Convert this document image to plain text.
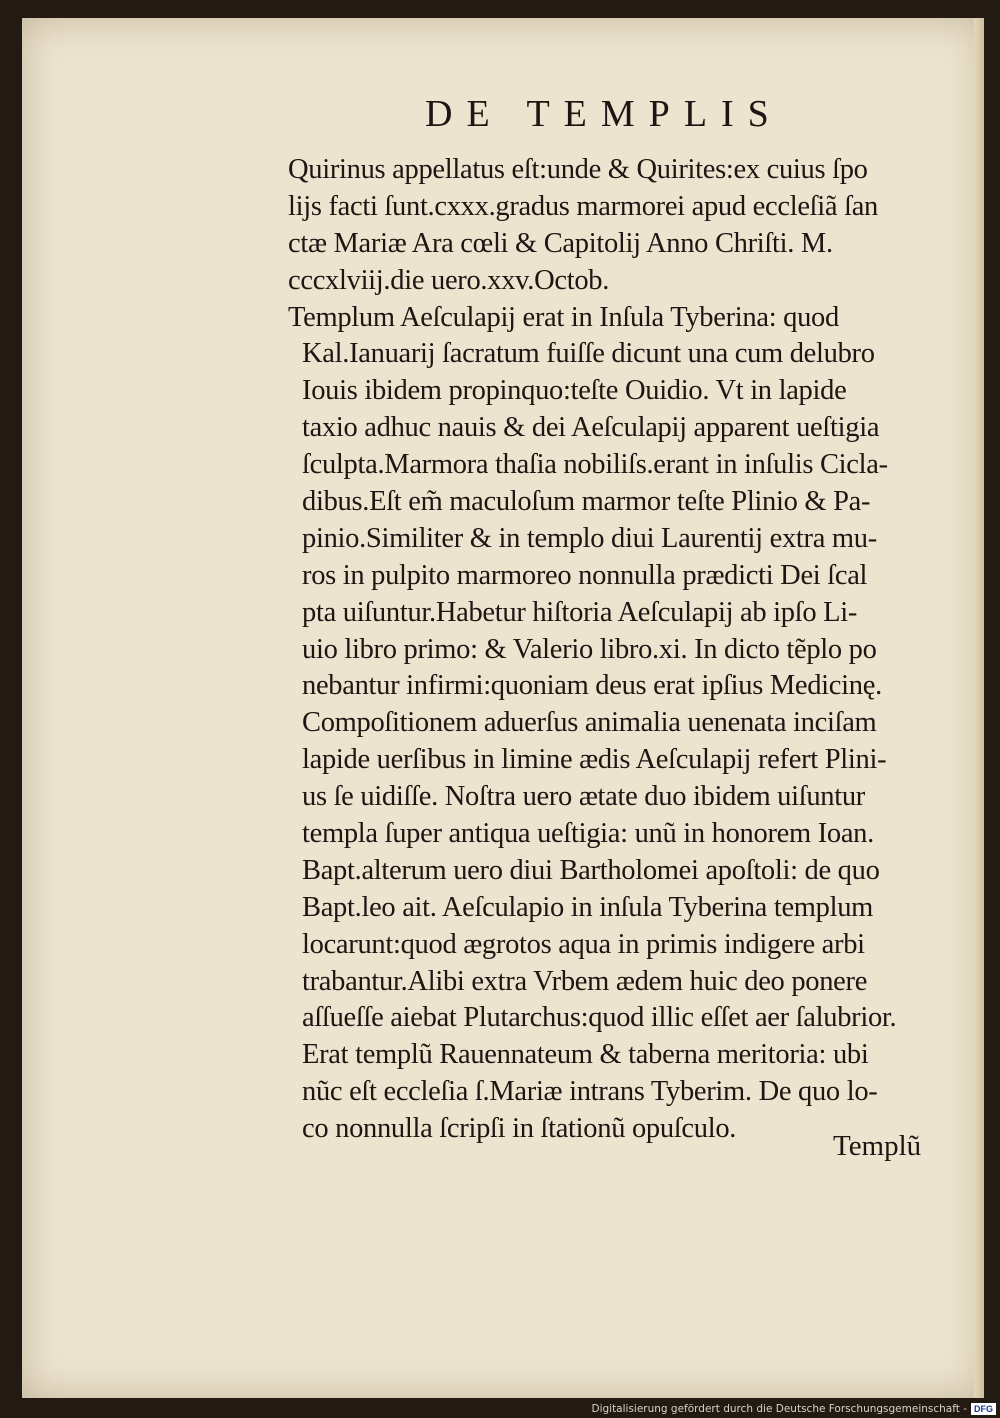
DE TEMPLIS
Quirinus appellatus eſt:unde & Quirites:ex cuius ſpo
lijs facti ſunt.cxxx.gradus marmorei apud eccleſiã ſan
ctæ Mariæ Ara cœli & Capitolij Anno Chriſti. M.
cccxlviij.die uero.xxv.Octob.
Templum Aeſculapij erat in Inſula Tyberina: quod
Kal.Ianuarij ſacratum fuiſſe dicunt una cum delubro
Iouis ibidem propinquo:teſte Ouidio. Vt in lapide
taxio adhuc nauis & dei Aeſculapij apparent ueſtigia
ſculpta.Marmora thaſia nobiliſs.erant in inſulis Cicla-
dibus.Eſt em̃ maculoſum marmor teſte Plinio & Pa-
pinio.Similiter & in templo diui Laurentij extra mu-
ros in pulpito marmoreo nonnulla prædicti Dei ſcal
pta uiſuntur.Habetur hiſtoria Aeſculapij ab ipſo Li-
uio libro primo: & Valerio libro.xi. In dicto tẽplo po
nebantur infirmi:quoniam deus erat ipſius Medicinę.
Compoſitionem aduerſus animalia uenenata inciſam
lapide uerſibus in limine ædis Aeſculapij refert Plini-
us ſe uidiſſe. Noſtra uero ætate duo ibidem uiſuntur
templa ſuper antiqua ueſtigia: unũ in honorem Ioan.
Bapt.alterum uero diui Bartholomei apoſtoli: de quo
Bapt.leo ait. Aeſculapio in inſula Tyberina templum
locarunt:quod ægrotos aqua in primis indigere arbi
trabantur.Alibi extra Vrbem ædem huic deo ponere
aſſueſſe aiebat Plutarchus:quod illic eſſet aer ſalubrior.
Erat templũ Rauennateum & taberna meritoria: ubi
nũc eſt eccleſia ſ.Mariæ intrans Tyberim. De quo lo-
co nonnulla ſcripſi in ſtationũ opuſculo.
Templũ
Digitalisierung gefördert durch die Deutsche Forschungsgemeinschaft - DFG
